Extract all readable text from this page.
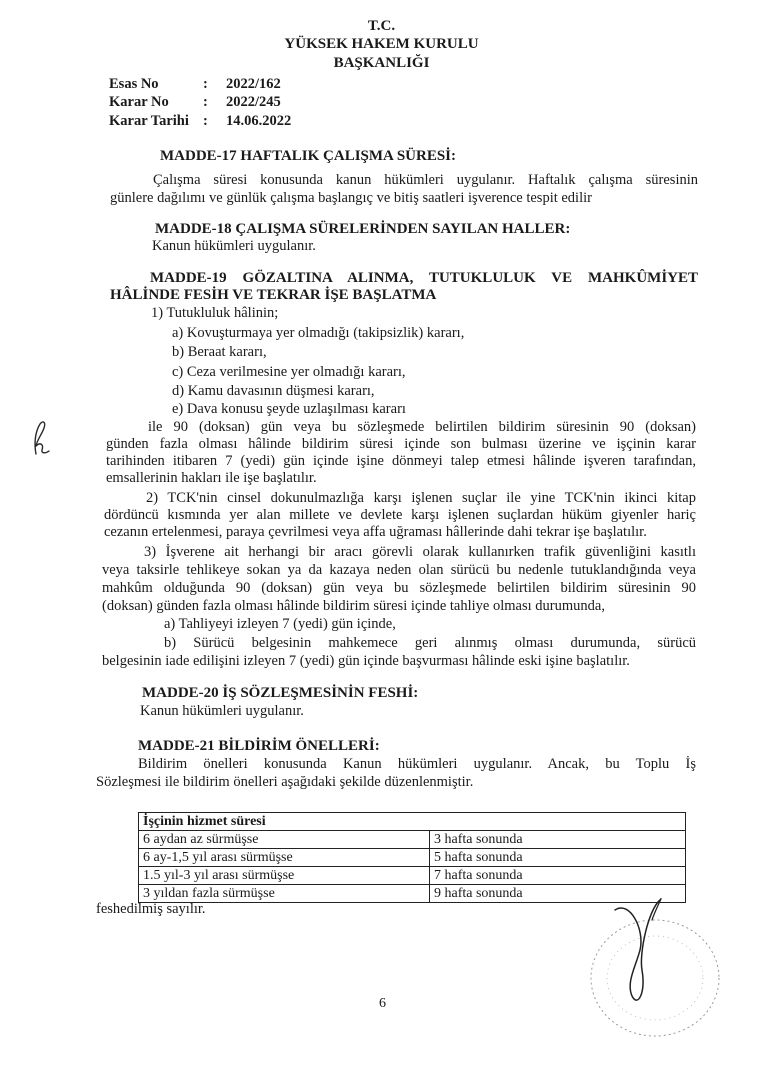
T.C.
YÜKSEK HAKEM KURULU
BAŞKANLIĞI
Esas No	: 2022/162
Karar No : 2022/245
Karar Tarihi : 14.06.2022
MADDE-17 HAFTALIK ÇALIŞMA SÜRESİ:
Çalışma süresi konusunda kanun hükümleri uygulanır. Haftalık çalışma süresinin
günlere dağılımı ve günlük çalışma başlangıç ve bitiş saatleri işverence tespit edilir
MADDE-18 ÇALIŞMA SÜRELERİNDEN SAYILAN HALLER:
Kanun hükümleri uygulanır.
MADDE-19 GÖZALTINA ALINMA, TUTUKLULUK VE MAHKÛMİYET
HÂLİNDE FESİH VE TEKRAR İŞE BAŞLATMA
1) Tutukluluk hâlinin;
a) Kovuşturmaya yer olmadığı (takipsizlik) kararı,
b) Beraat kararı,
c) Ceza verilmesine yer olmadığı kararı,
d) Kamu davasının düşmesi kararı,
e) Dava konusu şeyde uzlaşılması kararı
ile 90 (doksan) gün veya bu sözleşmede belirtilen bildirim süresinin 90 (doksan)
günden fazla olması hâlinde bildirim süresi içinde son bulması üzerine ve işçinin karar
tarihinden itibaren 7 (yedi) gün içinde işine dönmeyi talep etmesi hâlinde işveren tarafından,
emsallerinin hakları ile işe başlatılır.
2) TCK'nin cinsel dokunulmazlığa karşı işlenen suçlar ile yine TCK'nin ikinci kitap
dördüncü kısmında yer alan millete ve devlete karşı işlenen suçlardan hüküm giyenler hariç
cezanın ertelenmesi, paraya çevrilmesi veya affa uğraması hâllerinde dahi tekrar işe başlatılır.
3) İşverene ait herhangi bir aracı görevli olarak kullanırken trafik güvenliğini kasıtlı
veya taksirle tehlikeye sokan ya da kazaya neden olan sürücü bu nedenle tutuklandığında veya
mahkûm olduğunda 90 (doksan) gün veya bu sözleşmede belirtilen bildirim süresinin 90
(doksan) günden fazla olması hâlinde bildirim süresi içinde tahliye olması durumunda,
a) Tahliyeyi izleyen 7 (yedi) gün içinde,
b) Sürücü belgesinin mahkemece geri alınmış olması durumunda, sürücü
belgesinin iade edilişini izleyen 7 (yedi) gün içinde başvurması hâlinde eski işine başlatılır.
MADDE-20 İŞ SÖZLEŞMESİNİN FESHİ:
Kanun hükümleri uygulanır.
MADDE-21 BİLDİRİM ÖNELLERİ:
Bildirim önelleri konusunda Kanun hükümleri uygulanır. Ancak, bu Toplu İş
Sözleşmesi ile bildirim önelleri aşağıdaki şekilde düzenlenmiştir.
İşçinin hizmet süresi	
6 aydan az sürmüşse	3 hafta sonunda
6 ay-1,5 yıl arası sürmüşse	5 hafta sonunda
1.5 yıl-3 yıl arası sürmüşse	7 hafta sonunda
3 yıldan fazla sürmüşse	9 hafta sonunda
feshedilmiş sayılır.
6
